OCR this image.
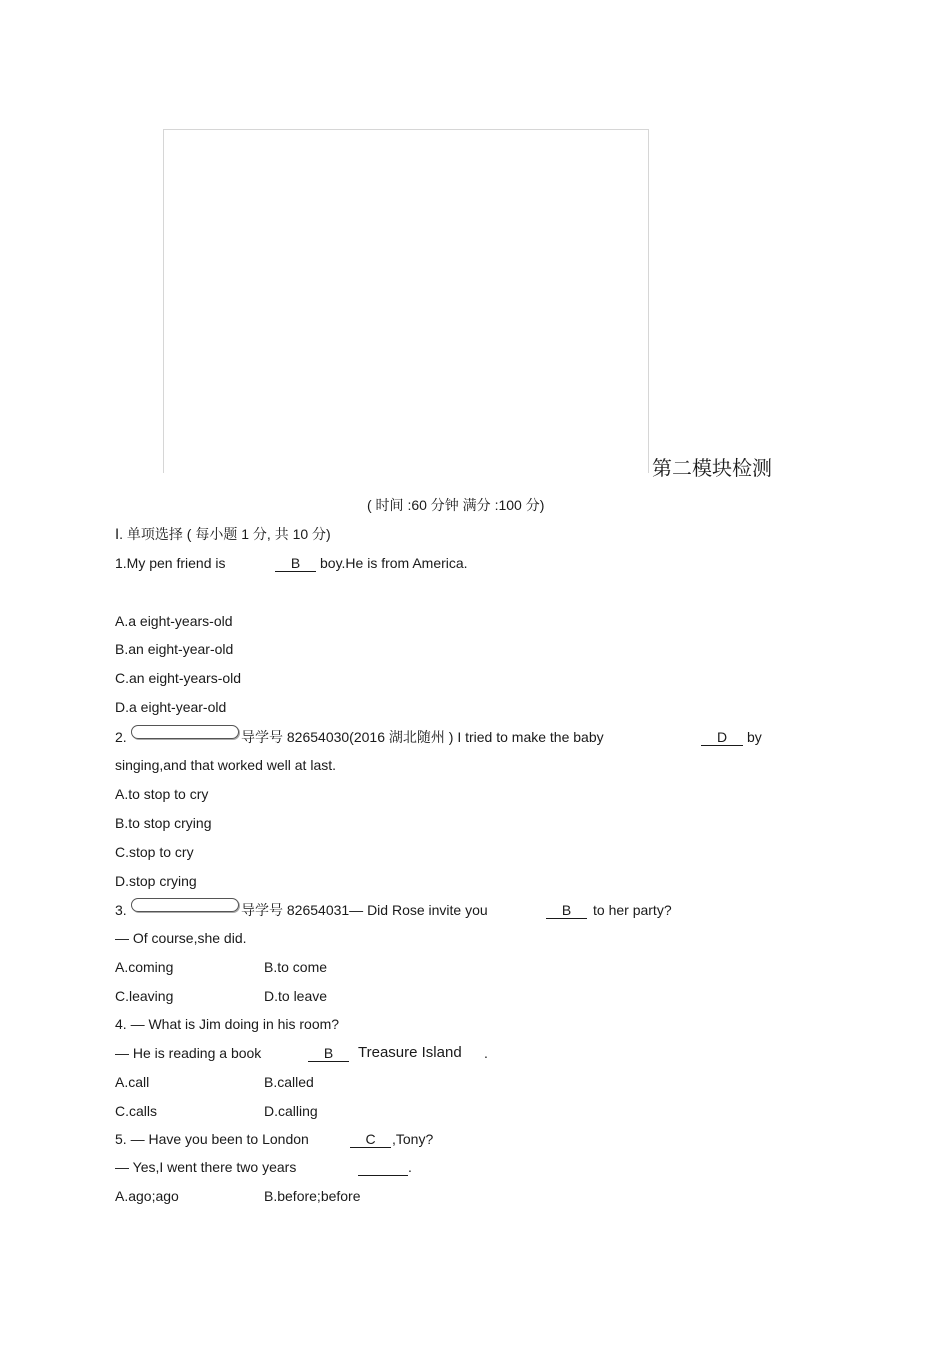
第二模块检测
( 时间 :60 分钟 满分 :100 分)
Ⅰ. 单项选择 ( 每小题 1 分, 共 10 分)
1.My pen friend is	B	boy.He is from America.
A.a eight-years-old
B.an eight-year-old
C.an eight-years-old
D.a eight-year-old
2.	导学号 82654030(2016 湖北随州 ) I tried to make the baby	D	by
singing,and that worked well at last.
A.to stop to cry
B.to stop crying
C.stop to cry
D.stop crying
3.	导学号 82654031— Did Rose invite you	B	to her party?
— Of course,she did.
A.coming	B.to come
C.leaving	D.to leave
4. — What is Jim doing in his room?
— He is reading a book	B	Treasure Island .
A.call	B.called
C.calls	D.calling
5. — Have you been to London	C	,Tony?
— Yes,I went there two years	.
A.ago;ago	B.before;before
